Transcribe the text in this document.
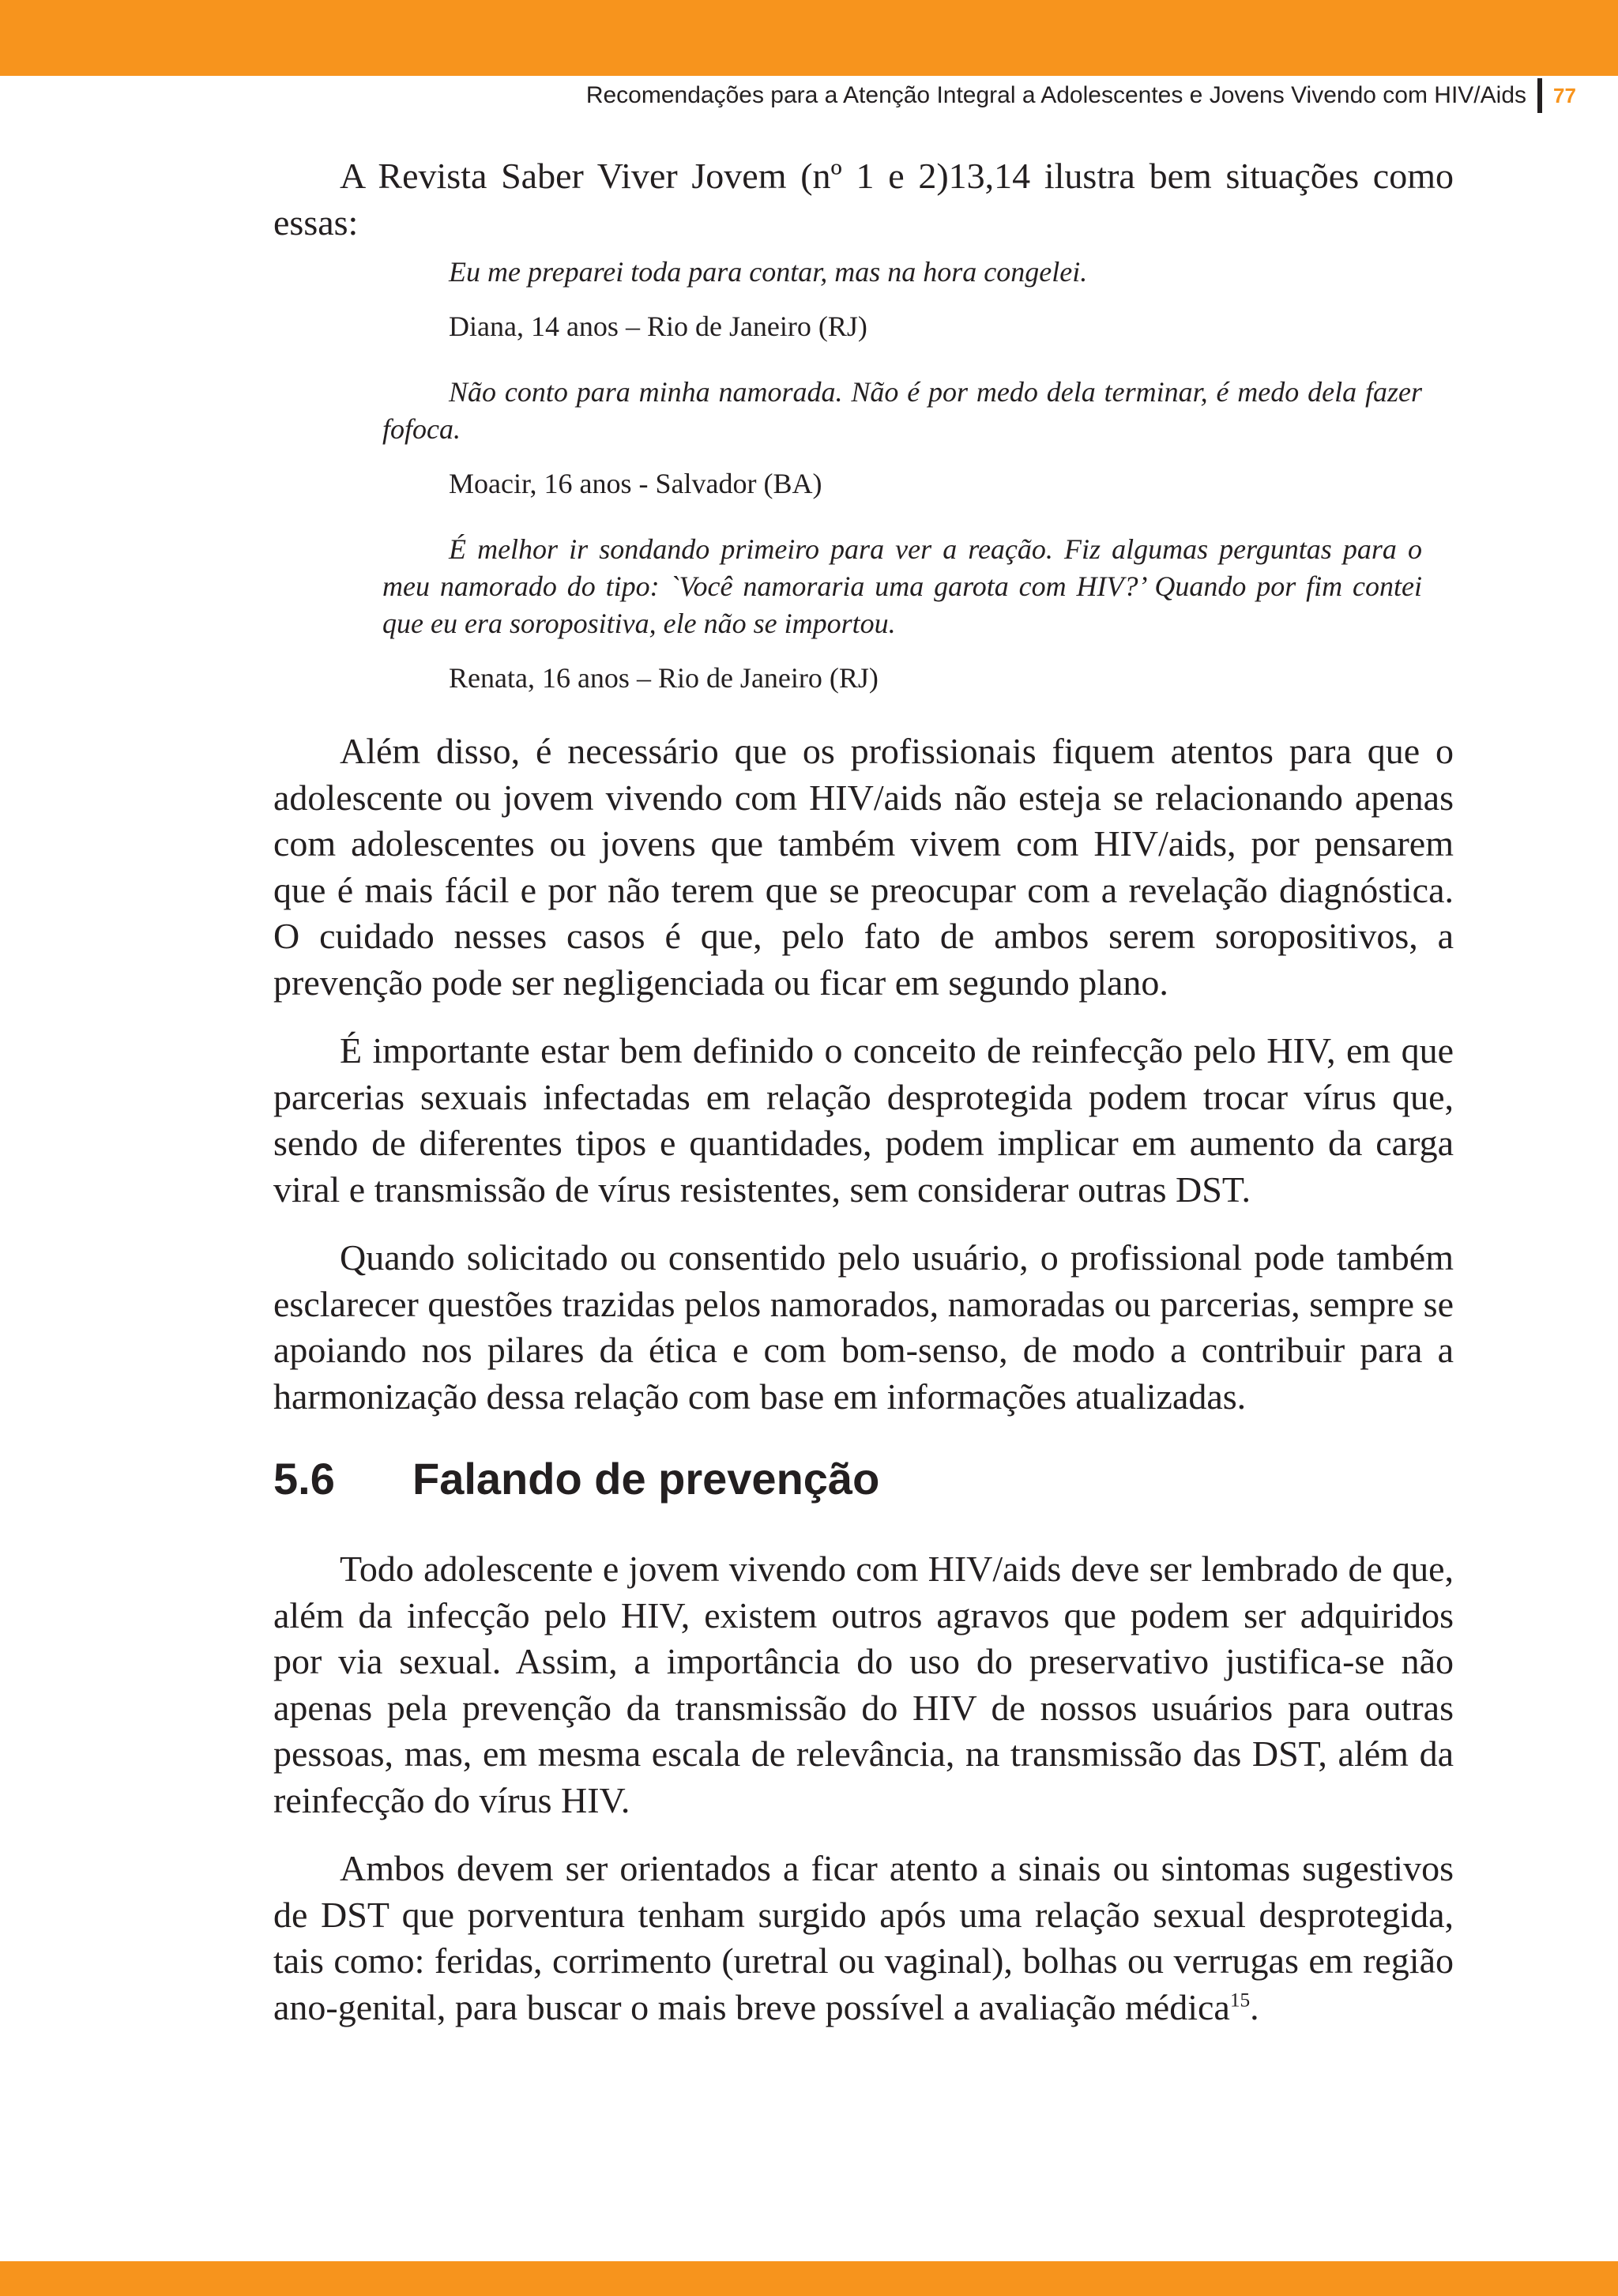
Recomendações para a Atenção Integral a Adolescentes e Jovens Vivendo com HIV/Aids	77

A Revista Saber Viver Jovem (nº 1 e 2)13,14 ilustra bem situações como essas:

Eu me preparei toda para contar, mas na hora congelei.

Diana, 14 anos – Rio de Janeiro (RJ)

Não conto para minha namorada. Não é por medo dela terminar, é medo dela fazer fofoca.

Moacir, 16 anos - Salvador (BA)

É melhor ir sondando primeiro para ver a reação. Fiz algumas perguntas para o meu namorado do tipo: `Você namoraria uma garota com HIV?’ Quando por fim contei que eu era soropositiva, ele não se importou.

Renata, 16 anos – Rio de Janeiro (RJ)

Além disso, é necessário que os profissionais fiquem atentos para que o adolescente ou jovem vivendo com HIV/aids não esteja se relacionando apenas com adolescentes ou jovens que também vivem com HIV/aids, por pensarem que é mais fácil e por não terem que se preocupar com a revelação diagnóstica. O cuidado nesses casos é que, pelo fato de ambos serem soropositivos, a prevenção pode ser negligenciada ou ficar em segundo plano.

É importante estar bem definido o conceito de reinfecção pelo HIV, em que parcerias sexuais infectadas em relação desprotegida podem trocar vírus que, sendo de diferentes tipos e quantidades, podem implicar em aumento da carga viral e transmissão de vírus resistentes, sem considerar outras DST.

Quando solicitado ou consentido pelo usuário, o profissional pode também esclarecer questões trazidas pelos namorados, namoradas ou parcerias, sempre se apoiando nos pilares da ética e com bom-senso, de modo a contribuir para a harmonização dessa relação com base em informações atualizadas.

5.6	Falando de prevenção

Todo adolescente e jovem vivendo com HIV/aids deve ser lembrado de que, além da infecção pelo HIV, existem outros agravos que podem ser adquiridos por via sexual. Assim, a importância do uso do preservativo justifica-se não apenas pela prevenção da transmissão do HIV de nossos usuários para outras pessoas, mas, em mesma escala de relevância, na transmissão das DST, além da reinfecção do vírus HIV.

Ambos devem ser orientados a ficar atento a sinais ou sintomas sugestivos de DST que porventura tenham surgido após uma relação sexual desprotegida, tais como: feridas, corrimento (uretral ou vaginal), bolhas ou verrugas em região ano-genital, para buscar o mais breve possível a avaliação médica$^{15}$.
